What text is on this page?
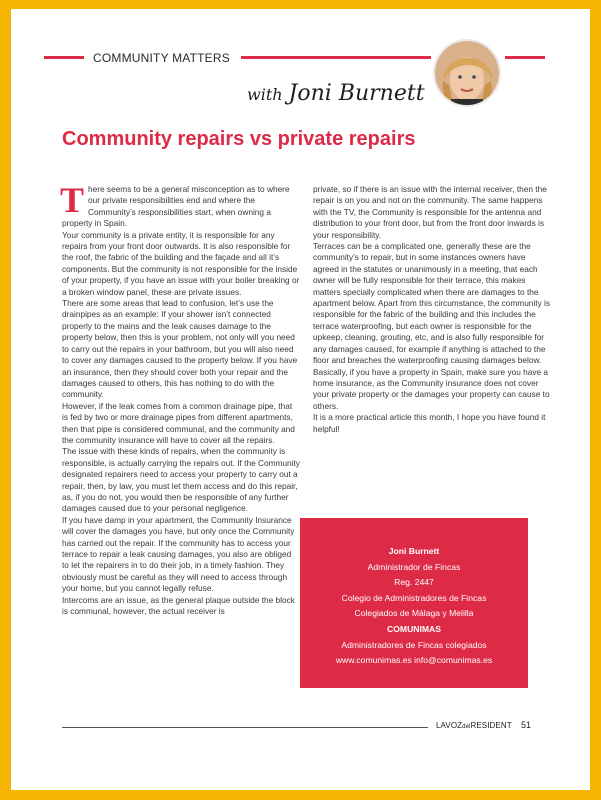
COMMUNITY MATTERS
with Joni Burnett
Community repairs vs private repairs

There seems to be a general misconception as to where our private responsibilities end and where the Community’s responsibilities start, when owning a property in Spain.

Your community is a private entity, it is responsible for any repairs from your front door outwards. It is also responsible for the roof, the fabric of the building and the façade and all it’s components. But the community is not responsible for the inside of your property, if you have an issue with your boiler breaking or a broken window panel, these are private issues.

There are some areas that lead to confusion, let’s use the drainpipes as an example: If your shower isn’t connected properly to the mains and the leak causes damage to the property below, then this is your problem, not only will you need to carry out the repairs in your bathroom, but you will also need to cover any damages caused to the property below. If you have an insurance, then they should cover both your repair and the damages caused to others, this has nothing to do with the community.

However, if the leak comes from a common drainage pipe, that is fed by two or more drainage pipes from different apartments, then that pipe is considered communal, and the community and the community insurance will have to cover all the repairs.

The issue with these kinds of repairs, when the community is responsible, is actually carrying the repairs out. If the Community designated repairers need to access your property to carry out a repair, then, by law, you must let them access and do this repair, as, if you do not, you would then be responsible of any further damages caused due to your personal negligence.

If you have damp in your apartment, the Community Insurance will cover the damages you have, but only once the Community has carried out the repair. If the community has to access your terrace to repair a leak causing damages, you also are obliged to let the repairers in to do their job, in a timely fashion. They obviously must be careful as they will need to access through your home, but you cannot legally refuse.

Intercoms are an issue, as the general plaque outside the block is communal, however, the actual receiver is

private, so if there is an issue with the internal receiver, then the repair is on you and not on the community. The same happens with the TV, the Community is responsible for the antenna and distribution to your front door, but from the front door inwards is your responsibility.

Terraces can be a complicated one, generally these are the community’s to repair, but in some instances owners have agreed in the statutes or unanimously in a meeting, that each owner will be fully responsible for their terrace, this makes matters specially complicated when there are damages to the apartment below. Apart from this circumstance, the community is responsible for the fabric of the building and this includes the terrace waterproofing, but each owner is responsible for the upkeep, cleaning, grouting, etc, and is also fully responsible for any damages caused, for example if anything is attached to the floor and breaches the waterproofing causing damages below.

Basically, if you have a property in Spain, make sure you have a home insurance, as the Community insurance does not cover your private property or the damages your property can cause to others.

It is a more practical article this month, I hope you have found it helpful!

Joni Burnett
Administrador de Fincas
Reg. 2447
Colegio de Administradores de Fincas
Colegiados de Málaga y Melilla
COMUNIMAS
Administradores de Fincas colegiados
www.comunimas.es info@comunimas.es
LAVOZdelRESIDENT 51
